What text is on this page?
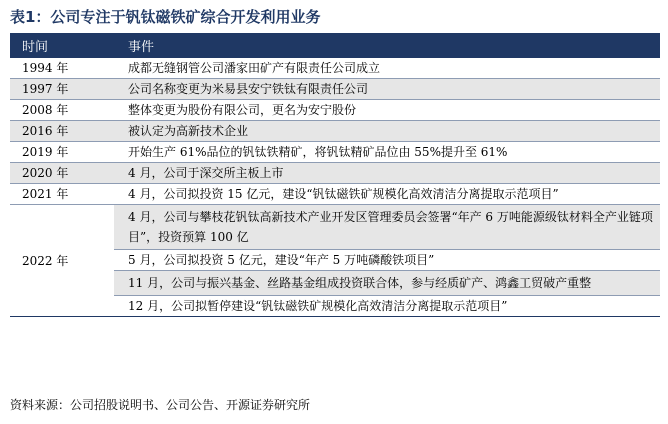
表1：公司专注于钒钛磁铁矿综合开发利用业务
时间	事件
1994 年	成都无缝钢管公司潘家田矿产有限责任公司成立
1997 年	公司名称变更为米易县安宁铁钛有限责任公司
2008 年	整体变更为股份有限公司，更名为安宁股份
2016 年	被认定为高新技术企业
2019 年	开始生产 61%品位的钒钛铁精矿，将钒钛精矿品位由 55%提升至 61%
2020 年	4 月，公司于深交所主板上市
2021 年	4 月，公司拟投资 15 亿元，建设“钒钛磁铁矿规模化高效清洁分离提取示范项目”
2022 年	4 月，公司与攀枝花钒钛高新技术产业开发区管理委员会签署“年产 6 万吨能源级钛材料全产业链项目”，投资预算 100 亿
	5 月，公司拟投资 5 亿元，建设“年产 5 万吨磷酸铁项目”
	11 月，公司与振兴基金、丝路基金组成投资联合体，参与经质矿产、鸿鑫工贸破产重整
	12 月，公司拟暂停建设“钒钛磁铁矿规模化高效清洁分离提取示范项目”
资料来源：公司招股说明书、公司公告、开源证券研究所
